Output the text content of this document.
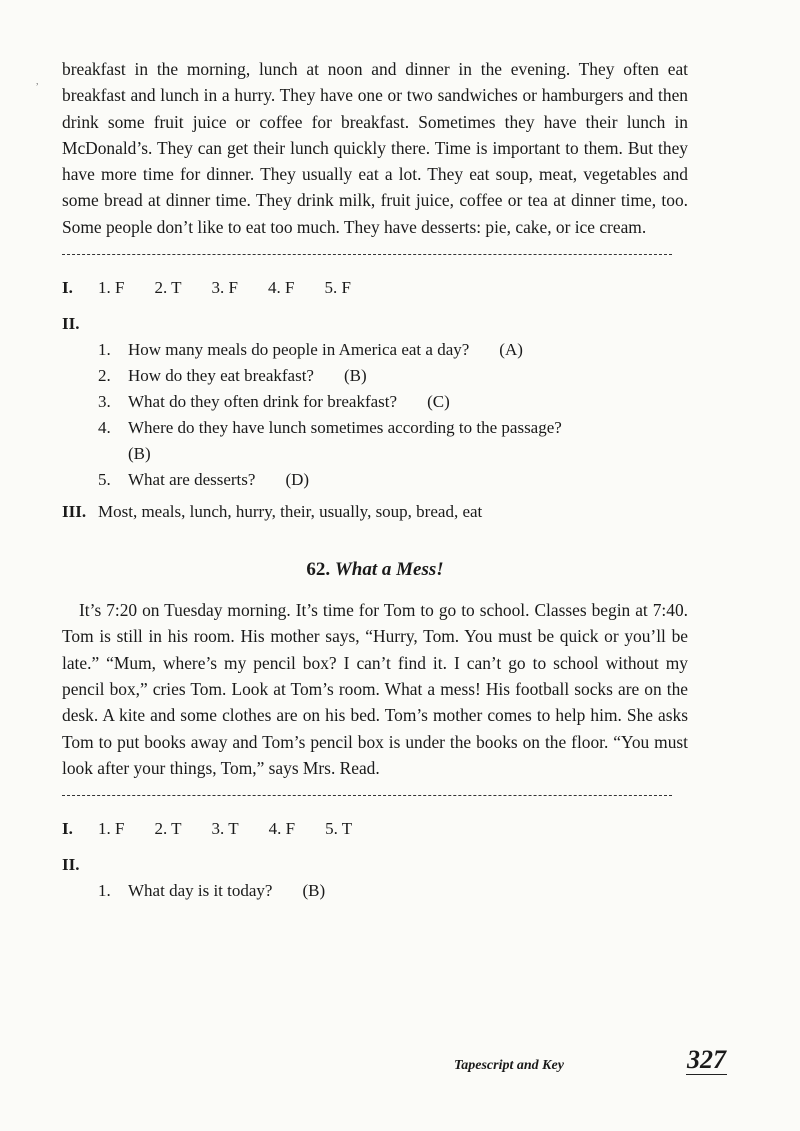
,

breakfast in the morning, lunch at noon and dinner in the evening. They often eat breakfast and lunch in a hurry. They have one or two sandwiches or hamburgers and then drink some fruit juice or coffee for breakfast. Sometimes they have their lunch in McDonald’s. They can get their lunch quickly there. Time is important to them. But they have more time for dinner. They usually eat a lot. They eat soup, meat, vegetables and some bread at dinner time. They drink milk, fruit juice, coffee or tea at dinner time, too. Some people don’t like to eat too much. They have desserts: pie, cake, or ice cream.

I.	1. F 2. T 3. F 4. F 5. F
II.
1.	How many meals do people in America eat a day? (A)
2.	How do they eat breakfast? (B)
3.	What do they often drink for breakfast? (C)
4.	Where do they have lunch sometimes according to the passage?
(B)
5.	What are desserts? (D)
III. Most, meals, lunch, hurry, their, usually, soup, bread, eat
62. What a Mess!

It’s 7:20 on Tuesday morning. It’s time for Tom to go to school. Classes begin at 7:40. Tom is still in his room. His mother says, “Hurry, Tom. You must be quick or you’ll be late.” “Mum, where’s my pencil box? I can’t find it. I can’t go to school without my pencil box,” cries Tom. Look at Tom’s room. What a mess! His football socks are on the desk. A kite and some clothes are on his bed. Tom’s mother comes to help him. She asks Tom to put books away and Tom’s pencil box is under the books on the floor. “You must look after your things, Tom,” says Mrs. Read.

I.	1. F 2. T 3. T 4. F 5. T
II.
1.	What day is it today? (B)
Tapescript and Key	327
